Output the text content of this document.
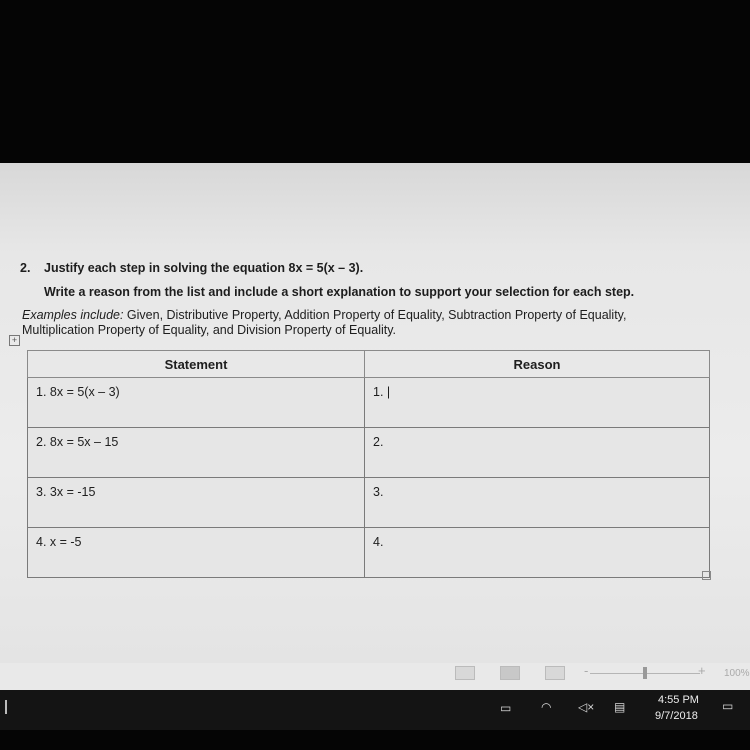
2. Justify each step in solving the equation 8x = 5(x – 3).
Write a reason from the list and include a short explanation to support your selection for each step.
Examples include: Given, Distributive Property, Addition Property of Equality, Subtraction Property of Equality, Multiplication Property of Equality, and Division Property of Equality.
+
Statement	Reason
1. 8x = 5(x – 3)	1. |
2. 8x = 5x – 15	2.
3. 3x = -15	3.
4. x = -5	4.
-	+ 100%
▭ ◠ ◁× ▤	4:55 PM
9/7/2018
▭
